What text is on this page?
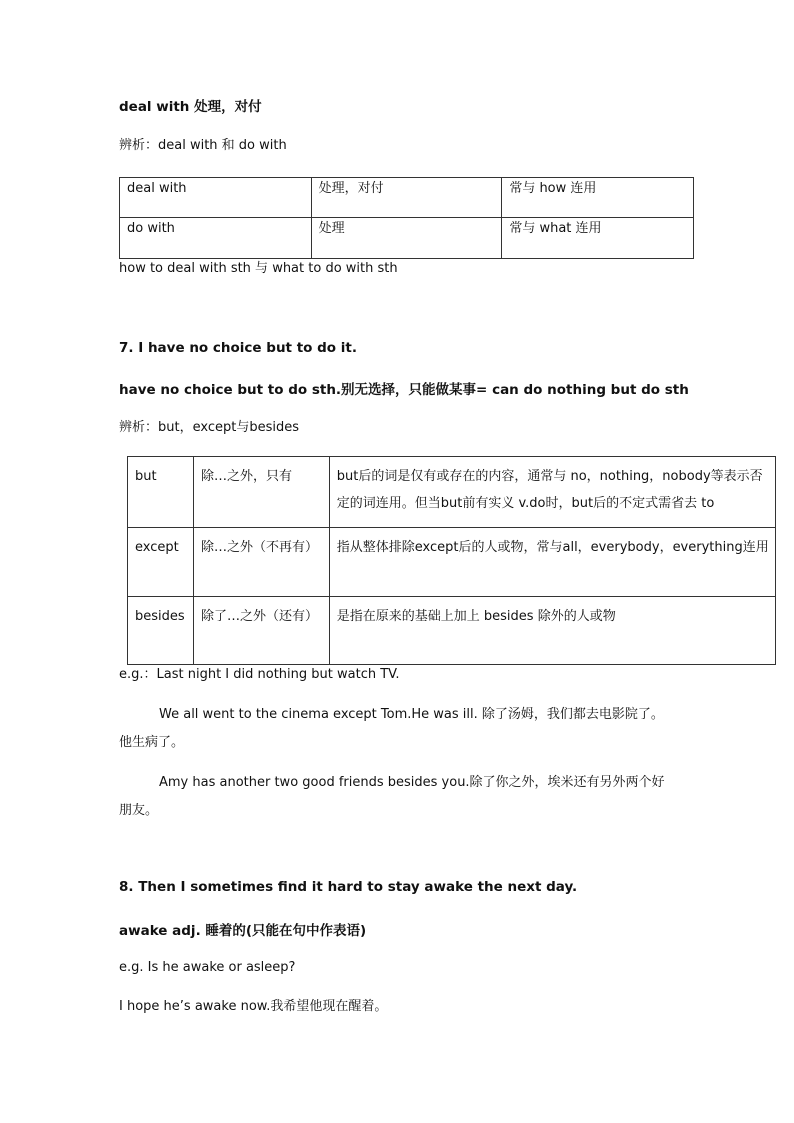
deal with 处理，对付
辨析：deal with 和 do with
deal with	处理，对付	常与 how 连用
do with	处理	常与 what 连用
how to deal with sth 与 what to do with sth
7. I have no choice but to do it.
have no choice but to do sth.别无选择，只能做某事= can do nothing but do sth
辨析：but，except与besides
but	除…之外，只有	but后的词是仅有或存在的内容，通常与 no，nothing，nobody等表示否定的词连用。但当but前有实义 v.do时，but后的不定式需省去 to
except	除…之外（不再有）	指从整体排除except后的人或物，常与all，everybody，everything连用
besides	除了…之外（还有）	是指在原来的基础上加上 besides 除外的人或物
e.g.：Last night I did nothing but watch TV.
We all went to the cinema except Tom.He was ill. 除了汤姆，我们都去电影院了。
他生病了。
Amy has another two good friends besides you.除了你之外，埃米还有另外两个好
朋友。
8. Then I sometimes find it hard to stay awake the next day.
awake adj. 睡着的(只能在句中作表语)
e.g. Is he awake or asleep?
I hope he’s awake now.我希望他现在醒着。
